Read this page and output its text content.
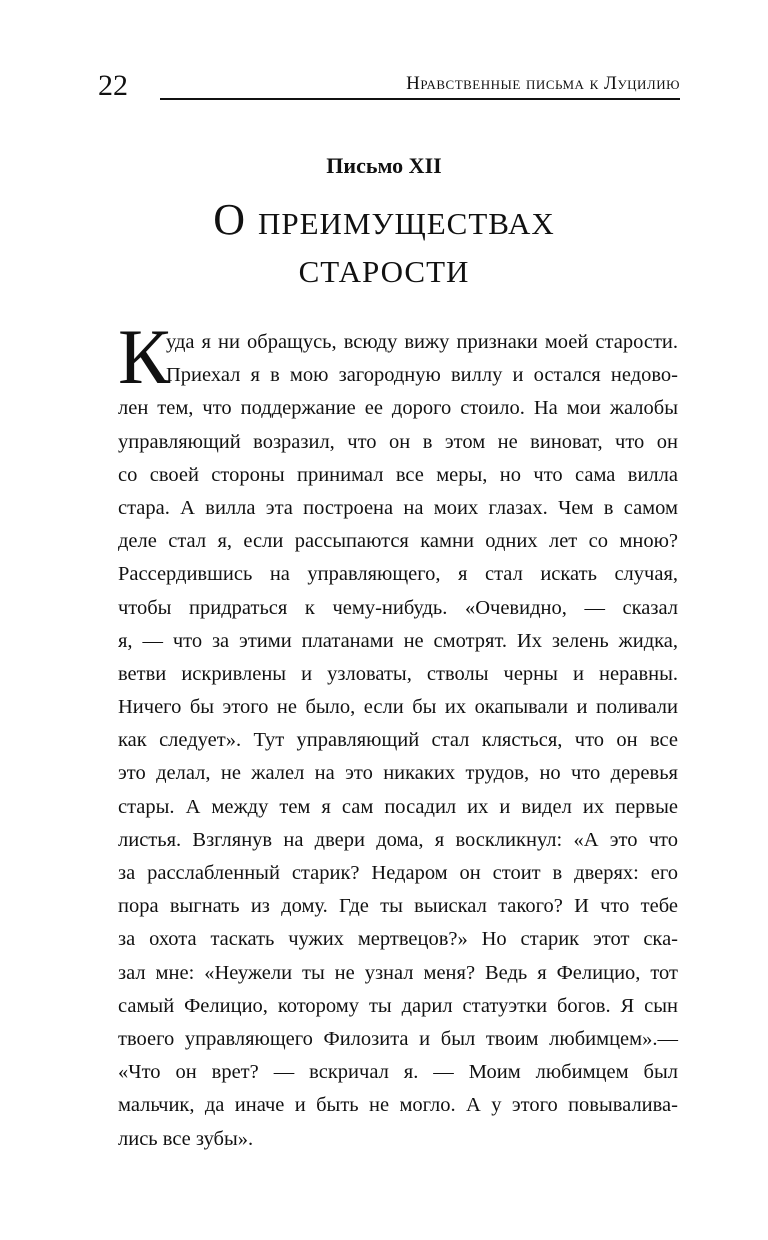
22	Нравственные письма к Луцилию
Письмо XII
О преимуществах
старости
К
уда я ни обращусь, всюду вижу признаки моей старости.
Приехал я в мою загородную виллу и остался недово-
лен тем, что поддержание ее дорого стоило. На мои жалобы
управляющий возразил, что он в этом не виноват, что он
со своей стороны принимал все меры, но что сама вилла
стара. А вилла эта построена на моих глазах. Чем в самом
деле стал я, если рассыпаются камни одних лет со мною?
Рассердившись на управляющего, я стал искать случая,
чтобы придраться к чему-нибудь. «Очевидно, — сказал
я, — что за этими платанами не смотрят. Их зелень жидка,
ветви искривлены и узловаты, стволы черны и неравны.
Ничего бы этого не было, если бы их окапывали и поливали
как следует». Тут управляющий стал клясться, что он все
это делал, не жалел на это никаких трудов, но что деревья
стары. А между тем я сам посадил их и видел их первые
листья. Взглянув на двери дома, я воскликнул: «А это что
за расслабленный старик? Недаром он стоит в дверях: его
пора выгнать из дому. Где ты выискал такого? И что тебе
за охота таскать чужих мертвецов?» Но старик этот ска-
зал мне: «Неужели ты не узнал меня? Ведь я Фелицио, тот
самый Фелицио, которому ты дарил статуэтки богов. Я сын
твоего управляющего Филозита и был твоим любимцем».—
«Что он врет? — вскричал я. — Моим любимцем был
мальчик, да иначе и быть не могло. А у этого повывалива-
лись все зубы».
